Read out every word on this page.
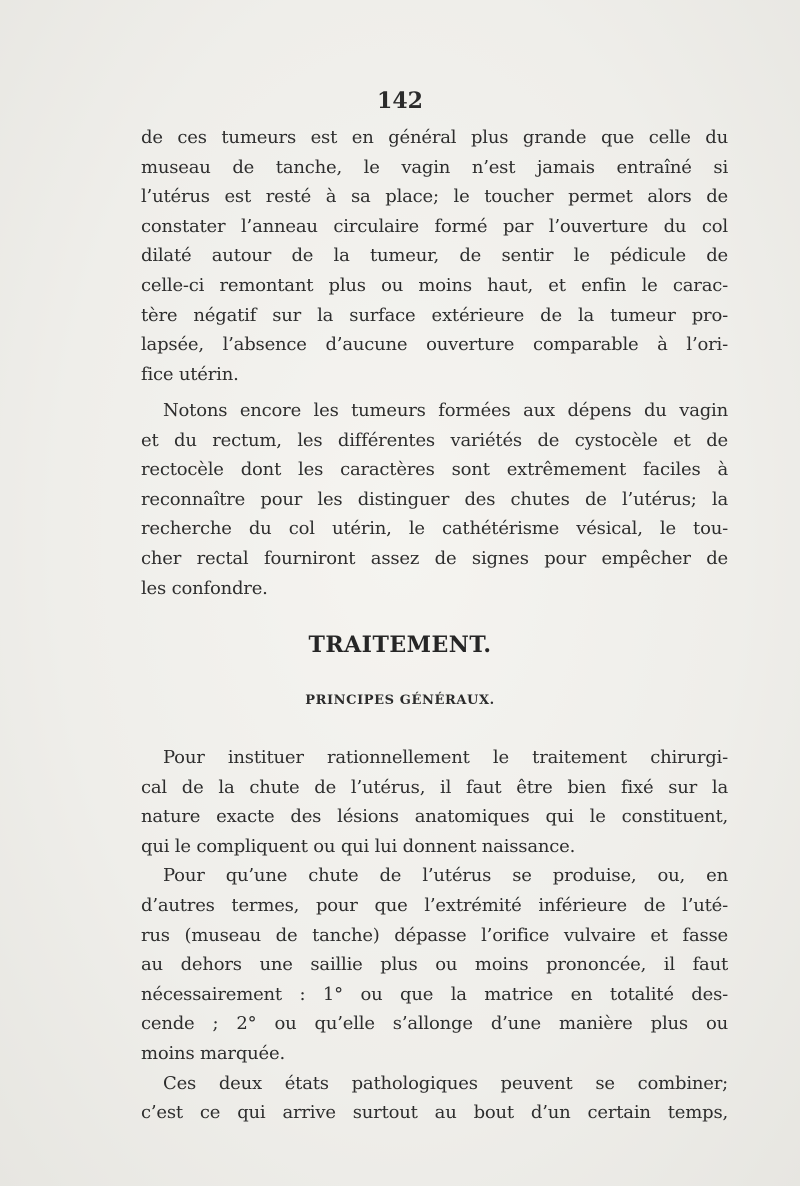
142
de ces tumeurs est en général plus grande que celle du
museau de tanche, le vagin n’est jamais entraîné si
l’utérus est resté à sa place; le toucher permet alors de
constater l’anneau circulaire formé par l’ouverture du col
dilaté autour de la tumeur, de sentir le pédicule de
celle-ci remontant plus ou moins haut, et enfin le carac-
tère négatif sur la surface extérieure de la tumeur pro-
lapsée, l’absence d’aucune ouverture comparable à l’ori-
fice utérin.
Notons encore les tumeurs formées aux dépens du vagin
et du rectum, les différentes variétés de cystocèle et de
rectocèle dont les caractères sont extrêmement faciles à
reconnaître pour les distinguer des chutes de l’utérus; la
recherche du col utérin, le cathétérisme vésical, le tou-
cher rectal fourniront assez de signes pour empêcher de
les confondre.
TRAITEMENT.
PRINCIPES GÉNÉRAUX.
Pour instituer rationnellement le traitement chirurgi-
cal de la chute de l’utérus, il faut être bien fixé sur la
nature exacte des lésions anatomiques qui le constituent,
qui le compliquent ou qui lui donnent naissance.
Pour qu’une chute de l’utérus se produise, ou, en
d’autres termes, pour que l’extrémité inférieure de l’uté-
rus (museau de tanche) dépasse l’orifice vulvaire et fasse
au dehors une saillie plus ou moins prononcée, il faut
nécessairement : 1° ou que la matrice en totalité des-
cende ; 2° ou qu’elle s’allonge d’une manière plus ou
moins marquée.
Ces deux états pathologiques peuvent se combiner;
c’est ce qui arrive surtout au bout d’un certain temps,
